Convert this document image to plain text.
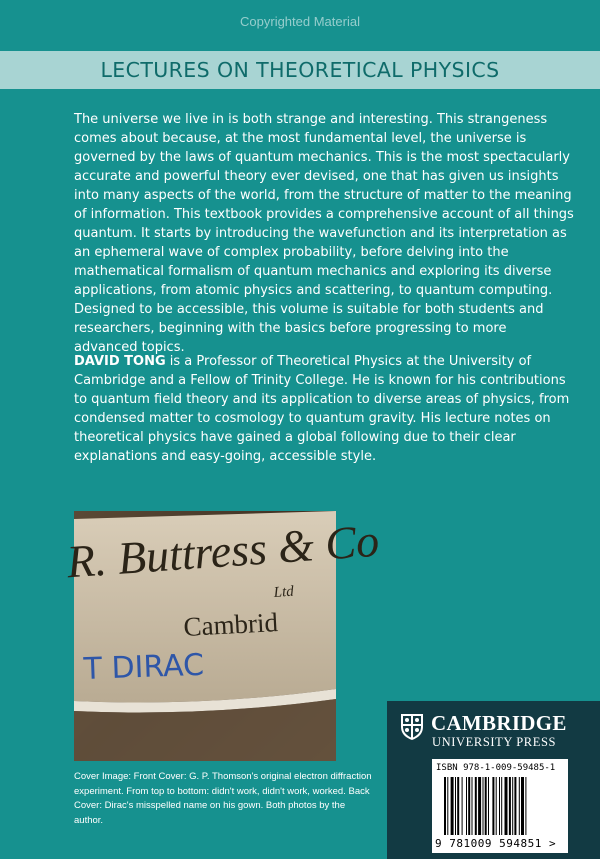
Copyrighted Material
LECTURES ON THEORETICAL PHYSICS

The universe we live in is both strange and interesting. This strangeness comes about because, at the most fundamental level, the universe is governed by the laws of quantum mechanics. This is the most spectacularly accurate and powerful theory ever devised, one that has given us insights into many aspects of the world, from the structure of matter to the meaning of information. This textbook provides a comprehensive account of all things quantum. It starts by introducing the wavefunction and its interpretation as an ephemeral wave of complex probability, before delving into the mathematical formalism of quantum mechanics and exploring its diverse applications, from atomic physics and scattering, to quantum computing. Designed to be accessible, this volume is suitable for both students and researchers, beginning with the basics before progressing to more advanced topics.

DAVID TONG is a Professor of Theoretical Physics at the University of Cambridge and a Fellow of Trinity College. He is known for his contributions to quantum field theory and its application to diverse areas of physics, from condensed matter to cosmology to quantum gravity. His lecture notes on theoretical physics have gained a global following due to their clear explanations and easy-going, accessible style.

R. Buttress & Co
Ltd
Cambrid
T DIRAC
Cover Image: Front Cover: G. P. Thomson's original electron diffraction experiment. From top to bottom: didn't work, didn't work, worked. Back Cover: Dirac's misspelled name on his gown. Both photos by the author.
CAMBRIDGE
UNIVERSITY PRESS
ISBN 978-1-009-59485-1
9 781009 594851 >
